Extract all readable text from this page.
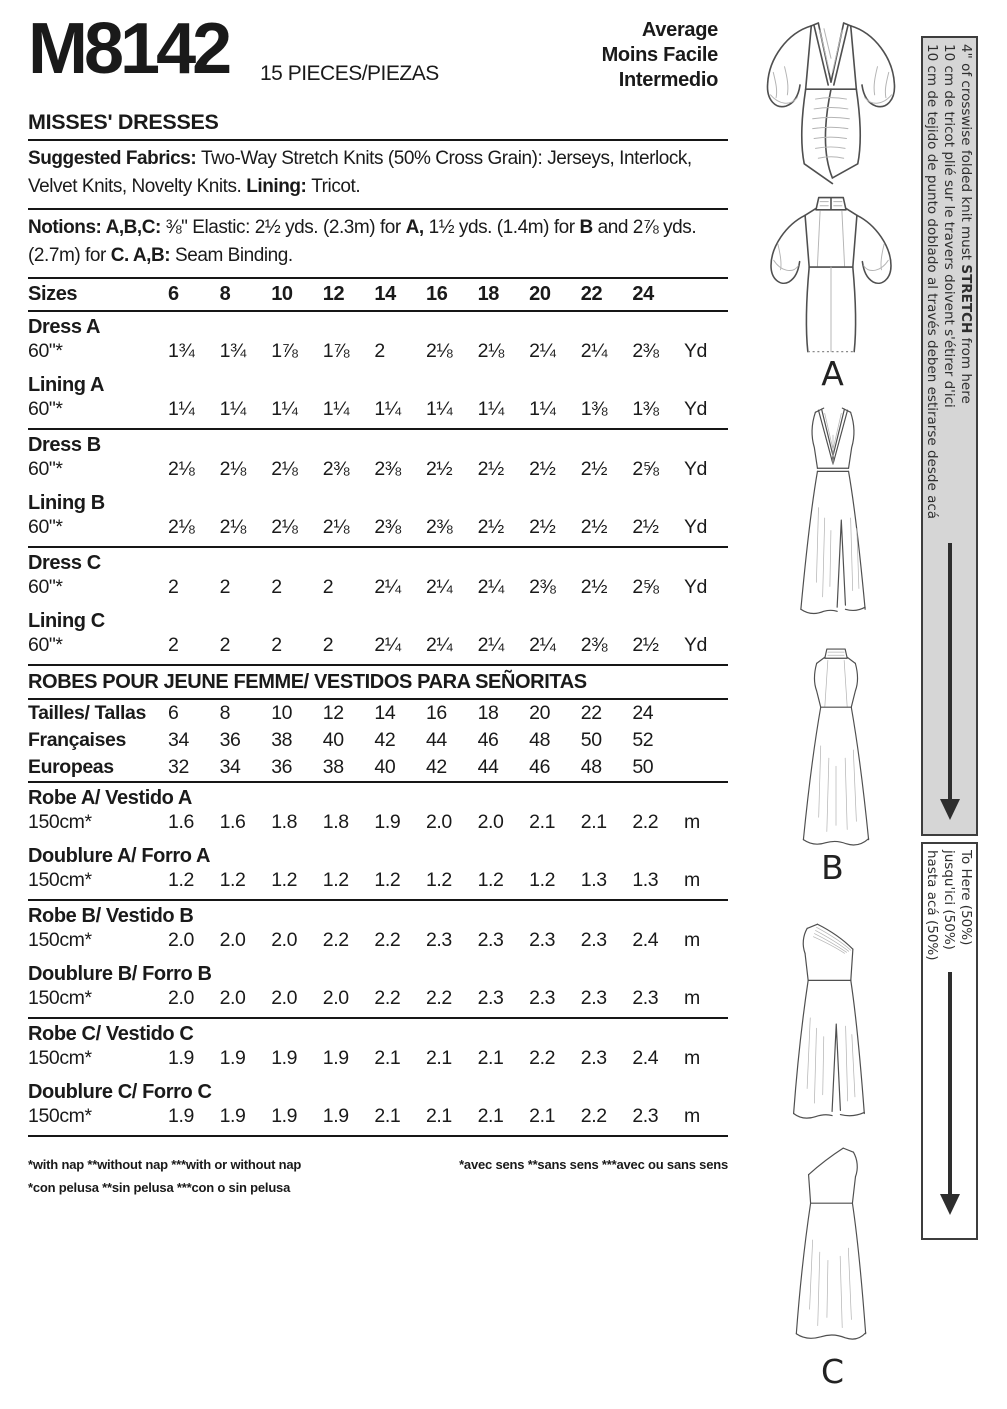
M8142 15 PIECES/PIEZAS
Average
Moins Facile
Intermedio
MISSES' DRESSES
Suggested Fabrics: Two-Way Stretch Knits (50% Cross Grain): Jerseys, Interlock, Velvet Knits, Novelty Knits. Lining: Tricot.
Notions: A,B,C: ⅜" Elastic: 2½ yds. (2.3m) for A, 1½ yds. (1.4m) for B and 2⅞ yds. (2.7m) for C. A,B: Seam Binding.
Sizes	6	8	10	12	14	16	18	20	22	24
Dress A
60"*	1¾	1¾	1⅞	1⅞	2	2⅛	2⅛	2¼	2¼	2⅜	Yd
Lining A
60"*	1¼	1¼	1¼	1¼	1¼	1¼	1¼	1¼	1⅜	1⅜	Yd
Dress B
60"*	2⅛	2⅛	2⅛	2⅜	2⅜	2½	2½	2½	2½	2⅝	Yd
Lining B
60"*	2⅛	2⅛	2⅛	2⅛	2⅜	2⅜	2½	2½	2½	2½	Yd
Dress C
60"*	2	2	2	2	2¼	2¼	2¼	2⅜	2½	2⅝	Yd
Lining C
60"*	2	2	2	2	2¼	2¼	2¼	2¼	2⅜	2½	Yd
ROBES POUR JEUNE FEMME/ VESTIDOS PARA SEÑORITAS
Tailles/ Tallas	6	8	10	12	14	16	18	20	22	24
Françaises	34	36	38	40	42	44	46	48	50	52
Europeas	32	34	36	38	40	42	44	46	48	50
Robe A/ Vestido A
150cm*	1.6	1.6	1.8	1.8	1.9	2.0	2.0	2.1	2.1	2.2	m
Doublure A/ Forro A
150cm*	1.2	1.2	1.2	1.2	1.2	1.2	1.2	1.2	1.3	1.3	m
Robe B/ Vestido B
150cm*	2.0	2.0	2.0	2.2	2.2	2.3	2.3	2.3	2.3	2.4	m
Doublure B/ Forro B
150cm*	2.0	2.0	2.0	2.0	2.2	2.2	2.3	2.3	2.3	2.3	m
Robe C/ Vestido C
150cm*	1.9	1.9	1.9	1.9	2.1	2.1	2.1	2.2	2.3	2.4	m
Doublure C/ Forro C
150cm*	1.9	1.9	1.9	1.9	2.1	2.1	2.1	2.1	2.2	2.3	m
*with nap **without nap ***with or without nap
*con pelusa **sin pelusa ***con o sin pelusa
*avec sens **sans sens ***avec ou sans sens
4" of crosswise folded knit must STRETCH from here
10 cm de tricot plié sur le travers doivent s'étirer d'ici
10 cm de tejido de punto doblado al través deben estirarse desde acá
To Here (50%)
jusqu'ici (50%)
hasta acá (50%)
A
B
C
